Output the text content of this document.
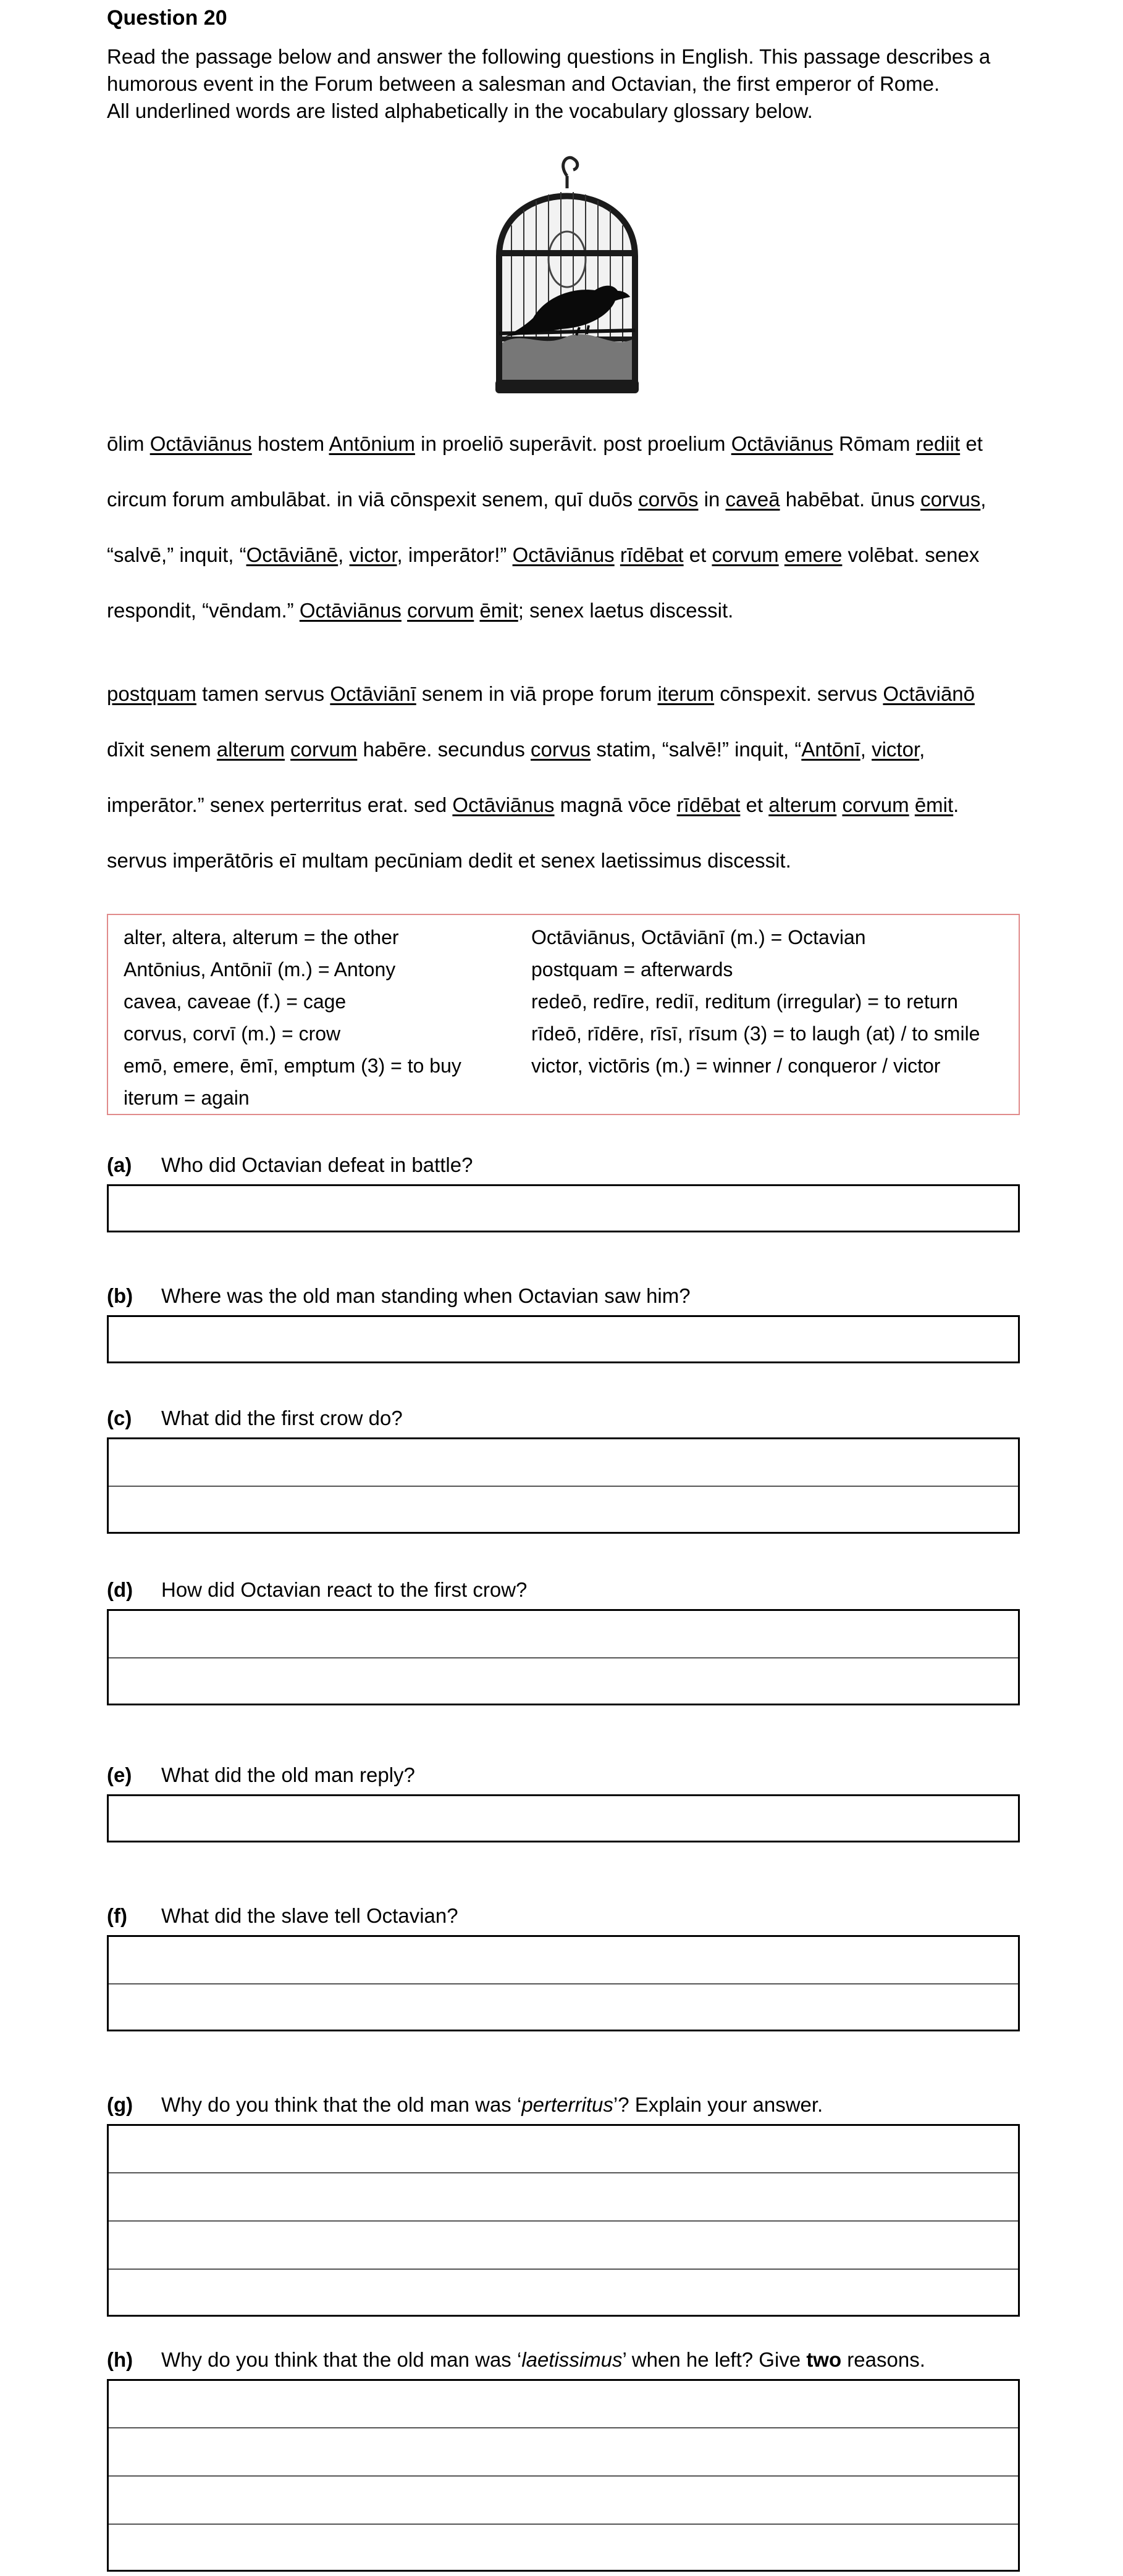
Question 20

Read the passage below and answer the following questions in English. This passage describes a

humorous event in the Forum between a salesman and Octavian, the first emperor of Rome.

All underlined words are listed alphabetically in the vocabulary glossary below.

ōlim Octāviānus hostem Antōnium in proeliō superāvit. post proelium Octāviānus Rōmam rediit et
circum forum ambulābat. in viā cōnspexit senem, quī duōs corvōs in caveā habēbat. ūnus corvus,
“salvē,” inquit, “Octāviānē, victor, imperātor!” Octāviānus rīdēbat et corvum emere volēbat. senex
respondit, “vēndam.” Octāviānus corvum ēmit; senex laetus discessit.
postquam tamen servus Octāviānī senem in viā prope forum iterum cōnspexit. servus Octāviānō
dīxit senem alterum corvum habēre. secundus corvus statim, “salvē!” inquit, “Antōnī, victor,
imperātor.” senex perterritus erat. sed Octāviānus magnā vōce rīdēbat et alterum corvum ēmit.
servus imperātōris eī multam pecūniam dedit et senex laetissimus discessit.
alter, altera, alterum = the other
Antōnius, Antōniī (m.) = Antony
cavea, caveae (f.) = cage
corvus, corvī (m.) = crow
emō, emere, ēmī, emptum (3) = to buy
iterum = again
Octāviānus, Octāviānī (m.) = Octavian
postquam = afterwards
redeō, redīre, rediī, reditum (irregular) = to return
rīdeō, rīdēre, rīsī, rīsum (3) = to laugh (at) / to smile
victor, victōris (m.) = winner / conqueror / victor
(a) Who did Octavian defeat in battle?
(b) Where was the old man standing when Octavian saw him?
(c) What did the first crow do?
(d) How did Octavian react to the first crow?
(e) What did the old man reply?
(f) What did the slave tell Octavian?
(g) Why do you think that the old man was ‘perterritus’? Explain your answer.
(h) Why do you think that the old man was ‘laetissimus’ when he left? Give two reasons.
